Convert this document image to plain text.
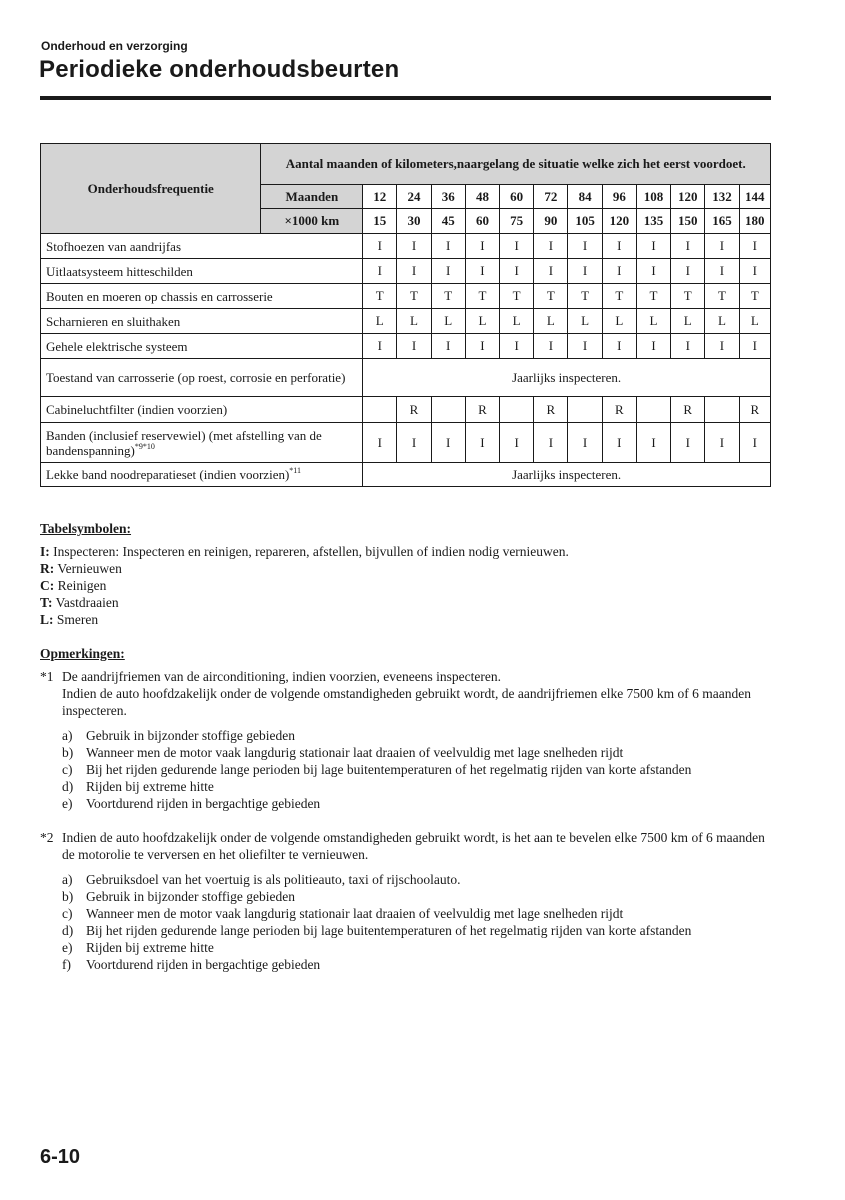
Onderhoud en verzorging
Periodieke onderhoudsbeurten
Onderhoudsfrequentie	Aantal maanden of kilometers,naargelang de situatie welke zich het eerst voordoet.												
	Maanden	12	24	36	48	60	72	84	96	108	120	132	144
	×1000 km	15	30	45	60	75	90	105	120	135	150	165	180
Stofhoezen van aandrijfas		I	I	I	I	I	I	I	I	I	I	I	I
Uitlaatsysteem hitteschilden		I	I	I	I	I	I	I	I	I	I	I	I
Bouten en moeren op chassis en carrosserie		T	T	T	T	T	T	T	T	T	T	T	T
Scharnieren en sluithaken		L	L	L	L	L	L	L	L	L	L	L	L
Gehele elektrische systeem		I	I	I	I	I	I	I	I	I	I	I	I
Toestand van carrosserie (op roest, corrosie en perforatie)		Jaarlijks inspecteren.											
Cabineluchtfilter (indien voorzien)			R		R		R		R		R		R
Banden (inclusief reservewiel) (met afstelling van de bandenspanning)$^{*9*10}$		I	I	I	I	I	I	I	I	I	I	I	I
Lekke band noodreparatieset (indien voorzien)$^{*11}$		Jaarlijks inspecteren.											
Tabelsymbolen:
I: Inspecteren: Inspecteren en reinigen, repareren, afstellen, bijvullen of indien nodig vernieuwen.
R: Vernieuwen
C: Reinigen
T: Vastdraaien
L: Smeren
Opmerkingen:
*1 De aandrijfriemen van de airconditioning, indien voorzien, eveneens inspecteren.
Indien de auto hoofdzakelijk onder de volgende omstandigheden gebruikt wordt, de aandrijfriemen elke 7500 km of 6 maanden inspecteren.
a)	Gebruik in bijzonder stoffige gebieden
b) Wanneer men de motor vaak langdurig stationair laat draaien of veelvuldig met lage snelheden rijdt
c)	Bij het rijden gedurende lange perioden bij lage buitentemperaturen of het regelmatig rijden van korte afstanden
d) Rijden bij extreme hitte
e)	Voortdurend rijden in bergachtige gebieden
*2 Indien de auto hoofdzakelijk onder de volgende omstandigheden gebruikt wordt, is het aan te bevelen elke 7500 km of 6 maanden de motorolie te verversen en het oliefilter te vernieuwen.
a)	Gebruiksdoel van het voertuig is als politieauto, taxi of rijschoolauto.
b) Gebruik in bijzonder stoffige gebieden
c)	Wanneer men de motor vaak langdurig stationair laat draaien of veelvuldig met lage snelheden rijdt
d) Bij het rijden gedurende lange perioden bij lage buitentemperaturen of het regelmatig rijden van korte afstanden
e)	Rijden bij extreme hitte
f)	Voortdurend rijden in bergachtige gebieden
6-10
